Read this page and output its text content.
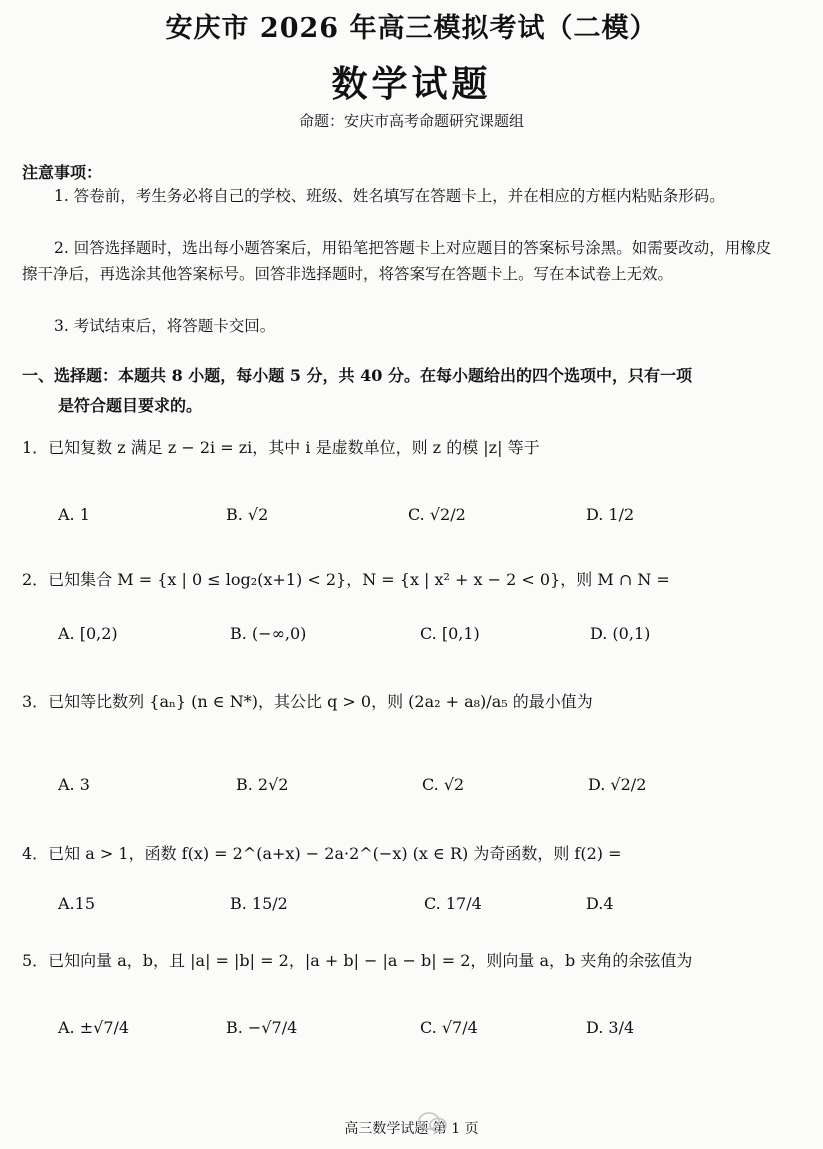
安庆市 2026 年高三模拟考试（二模）
数学试题
命题：安庆市高考命题研究课题组
注意事项：
1. 答卷前，考生务必将自己的学校、班级、姓名填写在答题卡上，并在相应的方框内粘贴条形码。
2. 回答选择题时，选出每小题答案后，用铅笔把答题卡上对应题目的答案标号涂黑。如需要改动，用橡皮擦干净后，再选涂其他答案标号。回答非选择题时，将答案写在答题卡上。写在本试卷上无效。
3. 考试结束后，将答题卡交回。
一、选择题：本题共 8 小题，每小题 5 分，共 40 分。在每小题给出的四个选项中，只有一项
是符合题目要求的。
1．已知复数 z 满足 z − 2i = zi，其中 i 是虚数单位，则 z 的模 |z| 等于
A. 1	B. √2	C. √2/2	D. 1/2
2．已知集合 M = {x | 0 ≤ log₂(x+1) < 2}，N = {x | x² + x − 2 < 0}，则 M ∩ N =
A. [0,2)	B. (−∞,0)	C. [0,1)	D. (0,1)
3．已知等比数列 {aₙ} (n ∈ N*)，其公比 q > 0，则 (2a₂ + a₈)/a₅ 的最小值为
A. 3	B. 2√2	C. √2	D. √2/2
4．已知 a > 1，函数 f(x) = 2^(a+x) − 2a·2^(−x) (x ∈ R) 为奇函数，则 f(2) =
A.15	B. 15/2	C. 17/4	D.4
5．已知向量 a，b，且 |a| = |b| = 2，|a + b| − |a − b| = 2，则向量 a，b 夹角的余弦值为
A. ±√7/4	B. −√7/4	C. √7/4	D. 3/4
高三数学试题 第 1 页
